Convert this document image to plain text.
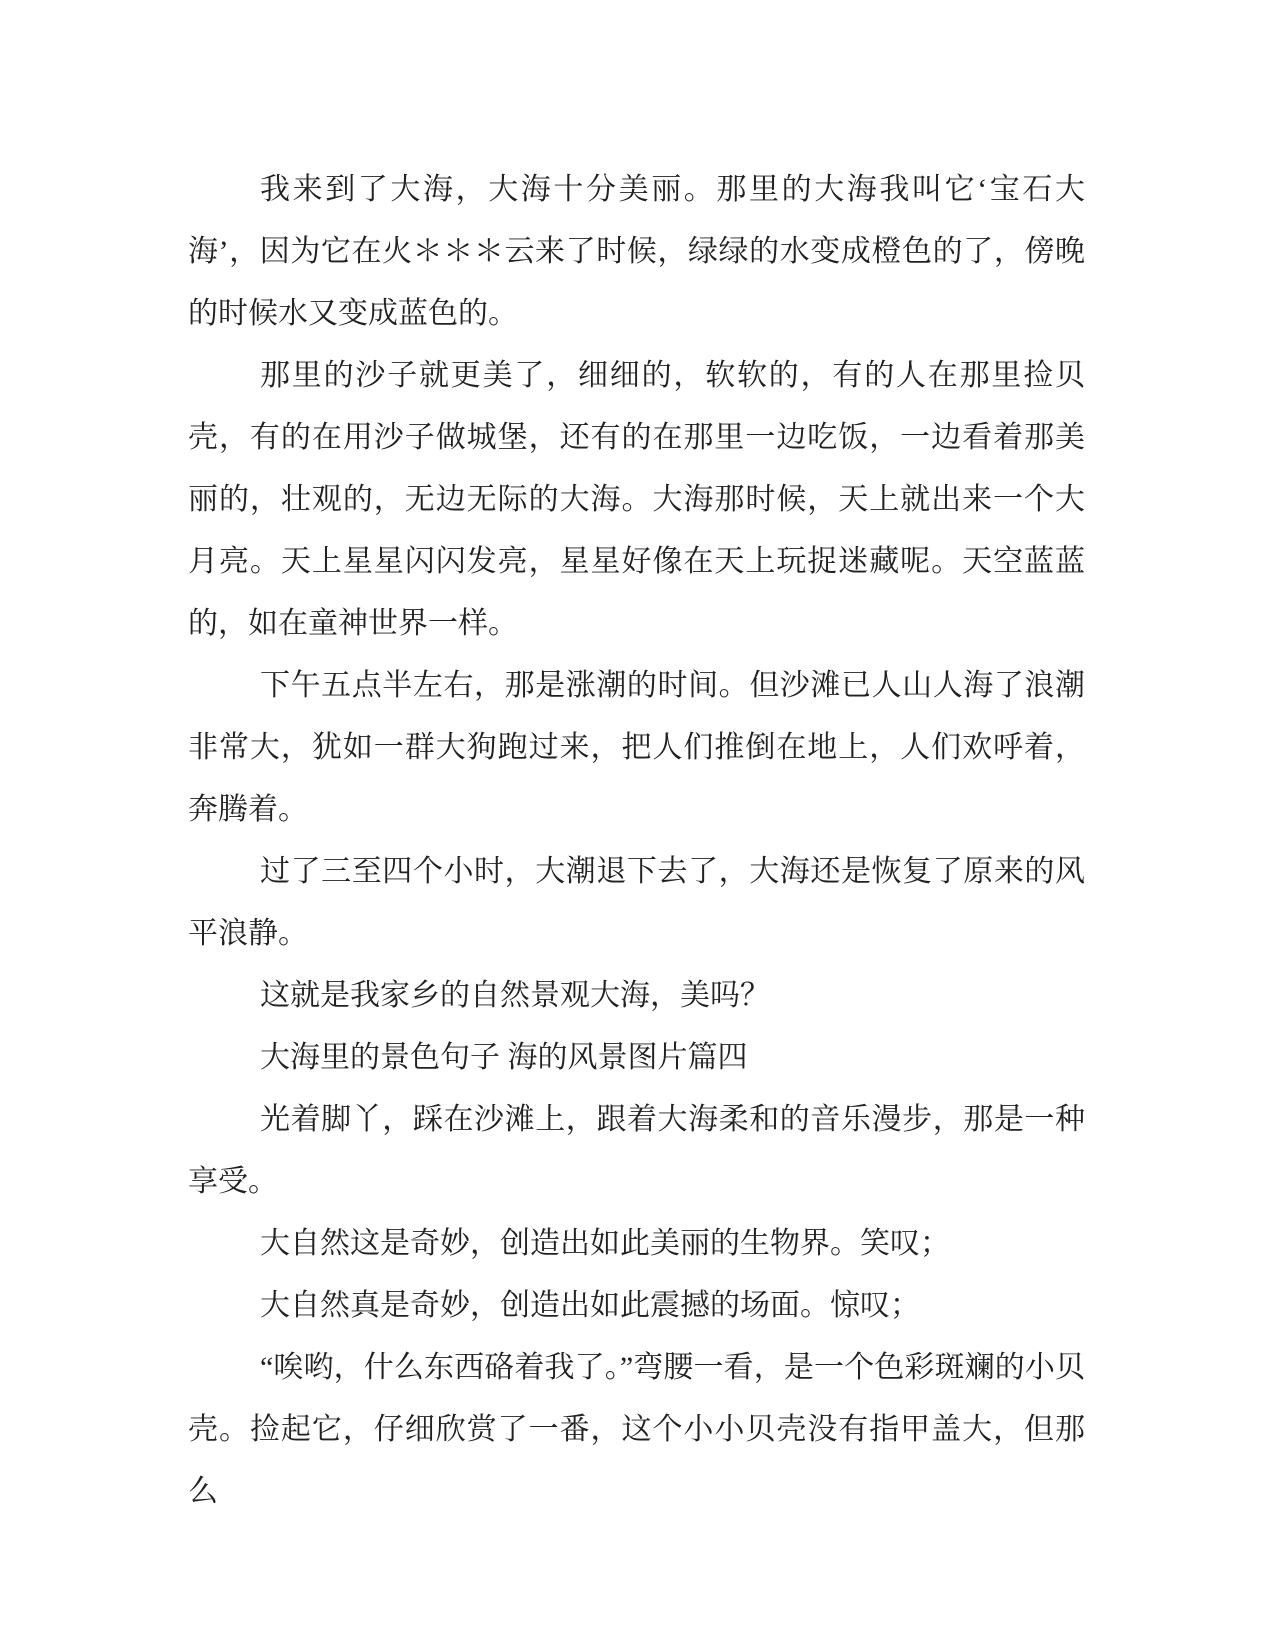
我来到了大海，大海十分美丽。那里的大海我叫它‘宝石大海’，因为它在火＊＊＊云来了时候，绿绿的水变成橙色的了，傍晚的时候水又变成蓝色的。

那里的沙子就更美了，细细的，软软的，有的人在那里捡贝壳，有的在用沙子做城堡，还有的在那里一边吃饭，一边看着那美丽的，壮观的，无边无际的大海。大海那时候，天上就出来一个大月亮。天上星星闪闪发亮，星星好像在天上玩捉迷藏呢。天空蓝蓝的，如在童神世界一样。

下午五点半左右，那是涨潮的时间。但沙滩已人山人海了浪潮非常大，犹如一群大狗跑过来，把人们推倒在地上，人们欢呼着，奔腾着。

过了三至四个小时，大潮退下去了，大海还是恢复了原来的风平浪静。

这就是我家乡的自然景观大海，美吗？

大海里的景色句子 海的风景图片篇四

光着脚丫，踩在沙滩上，跟着大海柔和的音乐漫步，那是一种享受。

大自然这是奇妙，创造出如此美丽的生物界。笑叹；

大自然真是奇妙，创造出如此震撼的场面。惊叹；

“唉哟，什么东西硌着我了。”弯腰一看，是一个色彩斑斓的小贝壳。捡起它，仔细欣赏了一番，这个小小贝壳没有指甲盖大，但那么
